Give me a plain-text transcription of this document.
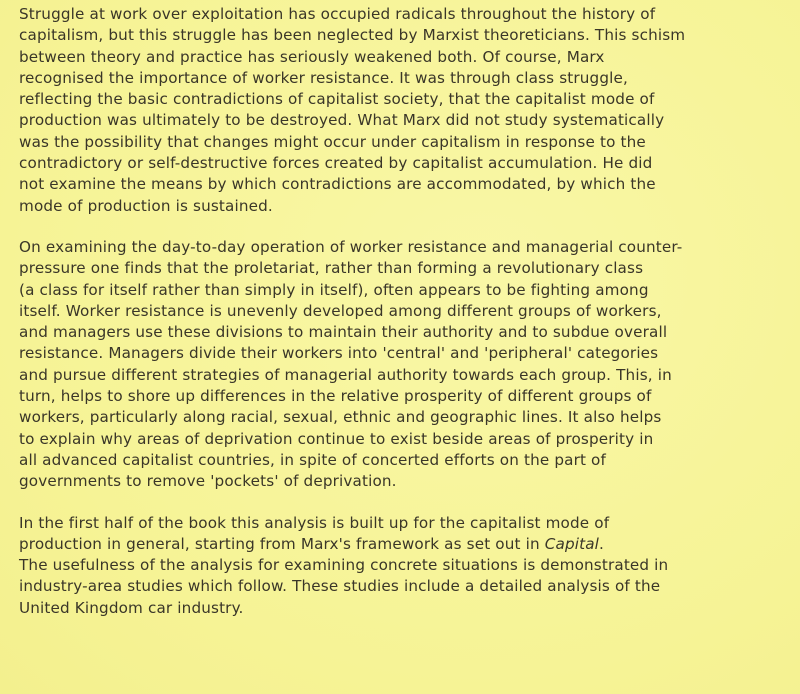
Struggle at work over exploitation has occupied radicals throughout the history of
capitalism, but this struggle has been neglected by Marxist theoreticians. This schism
between theory and practice has seriously weakened both. Of course, Marx
recognised the importance of worker resistance. It was through class struggle,
reflecting the basic contradictions of capitalist society, that the capitalist mode of
production was ultimately to be destroyed. What Marx did not study systematically
was the possibility that changes might occur under capitalism in response to the
contradictory or self-destructive forces created by capitalist accumulation. He did
not examine the means by which contradictions are accommodated, by which the
mode of production is sustained.
On examining the day-to-day operation of worker resistance and managerial counter-
pressure one finds that the proletariat, rather than forming a revolutionary class
(a class for itself rather than simply in itself), often appears to be fighting among
itself. Worker resistance is unevenly developed among different groups of workers,
and managers use these divisions to maintain their authority and to subdue overall
resistance. Managers divide their workers into 'central' and 'peripheral' categories
and pursue different strategies of managerial authority towards each group. This, in
turn, helps to shore up differences in the relative prosperity of different groups of
workers, particularly along racial, sexual, ethnic and geographic lines. It also helps
to explain why areas of deprivation continue to exist beside areas of prosperity in
all advanced capitalist countries, in spite of concerted efforts on the part of
governments to remove 'pockets' of deprivation.
In the first half of the book this analysis is built up for the capitalist mode of
production in general, starting from Marx's framework as set out in Capital.
The usefulness of the analysis for examining concrete situations is demonstrated in
industry-area studies which follow. These studies include a detailed analysis of the
United Kingdom car industry.
